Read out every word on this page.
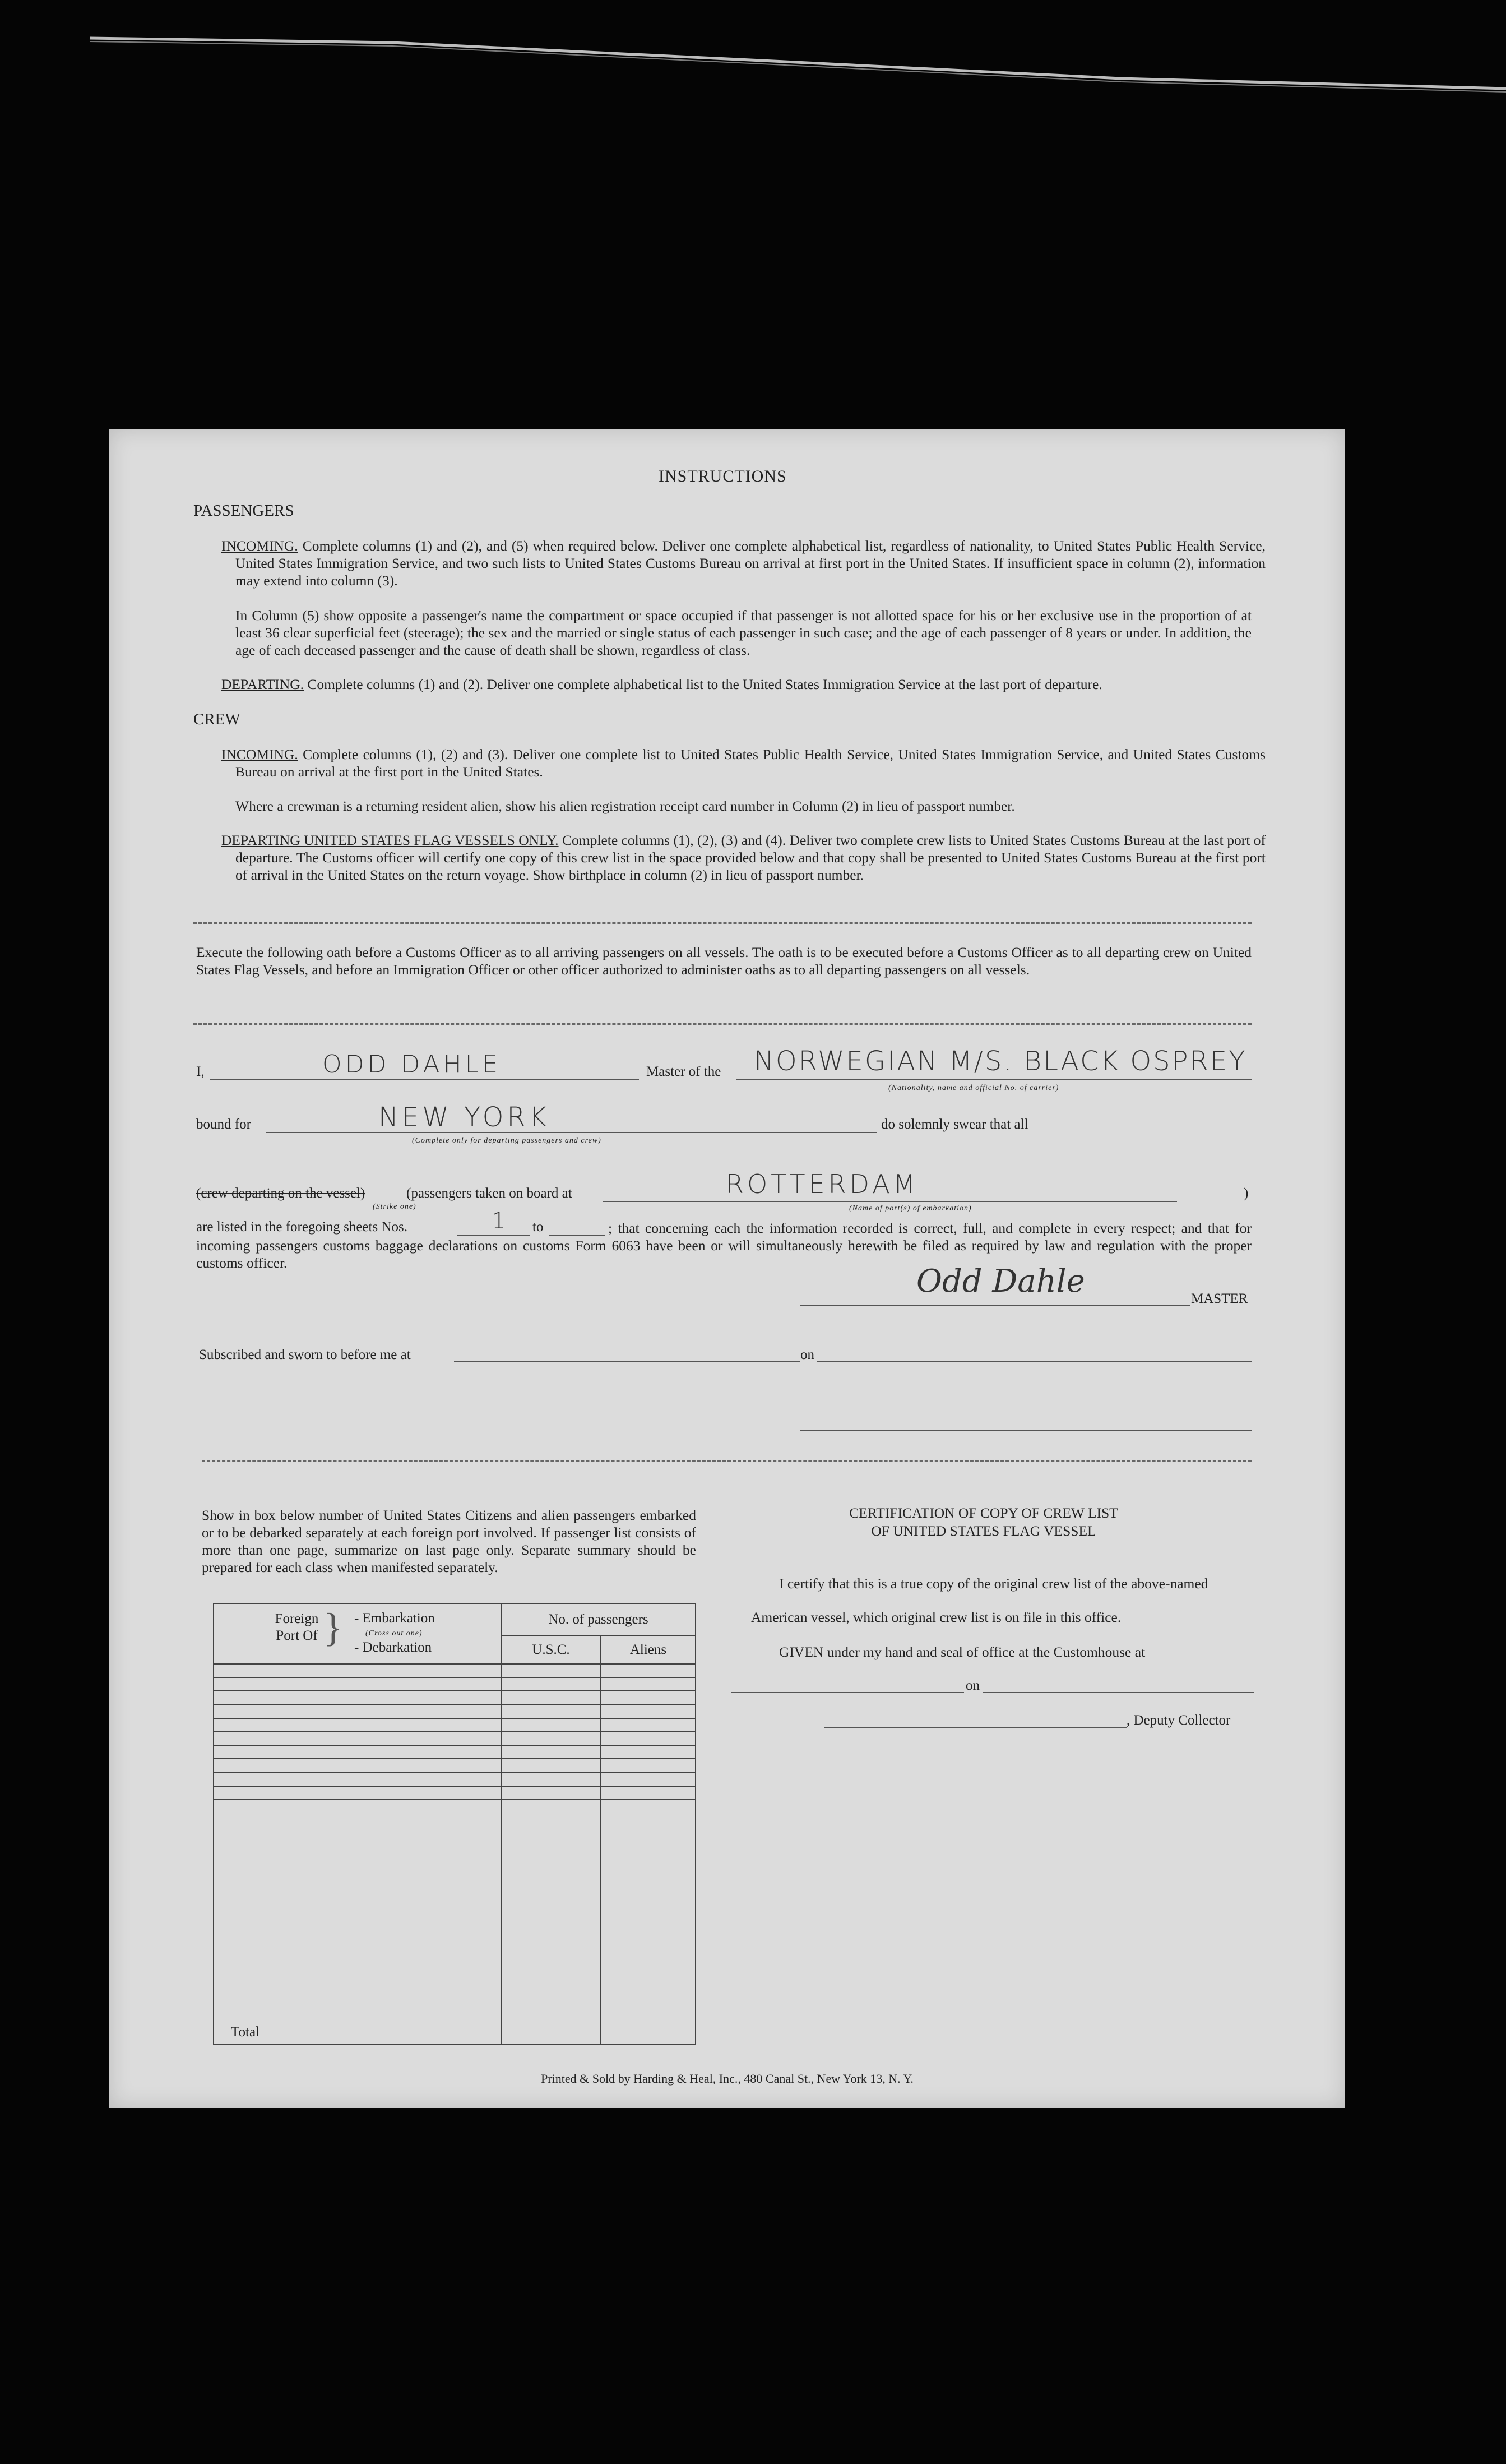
INSTRUCTIONS
PASSENGERS
INCOMING. Complete columns (1) and (2), and (5) when required below. Deliver one complete alphabetical list, regardless of nationality, to United States Public Health Service, United States Immigration Service, and two such lists to United States Customs Bureau on arrival at first port in the United States. If insufficient space in column (2), information may extend into column (3).
In Column (5) show opposite a passenger's name the compartment or space occupied if that passenger is not allotted space for his or her exclusive use in the proportion of at least 36 clear superficial feet (steerage); the sex and the married or single status of each passenger in such case; and the age of each passenger of 8 years or under. In addition, the age of each deceased passenger and the cause of death shall be shown, regardless of class.
DEPARTING. Complete columns (1) and (2). Deliver one complete alphabetical list to the United States Immigration Service at the last port of departure.
CREW
INCOMING. Complete columns (1), (2) and (3). Deliver one complete list to United States Public Health Service, United States Immigration Service, and United States Customs Bureau on arrival at the first port in the United States.
Where a crewman is a returning resident alien, show his alien registration receipt card number in Column (2) in lieu of passport number.
DEPARTING UNITED STATES FLAG VESSELS ONLY. Complete columns (1), (2), (3) and (4). Deliver two complete crew lists to United States Customs Bureau at the last port of departure. The Customs officer will certify one copy of this crew list in the space provided below and that copy shall be presented to United States Customs Bureau at the first port of arrival in the United States on the return voyage. Show birthplace in column (2) in lieu of passport number.
Execute the following oath before a Customs Officer as to all arriving passengers on all vessels. The oath is to be executed before a Customs Officer as to all departing crew on United States Flag Vessels, and before an Immigration Officer or other officer authorized to administer oaths as to all departing passengers on all vessels.
I,	ODD DAHLE	Master of the NORWEGIAN M/S. BLACK OSPREY
(Nationality, name and official No. of carrier)
bound for	NEW YORK
(Complete only for departing passengers and crew)
do solemnly swear that all
(crew departing on the vessel)	(passengers taken on board at
(Strike one)
ROTTERDAM
(Name of port(s) of embarkation)
)
are listed in the foregoing sheets Nos.	1 to	; that concerning each the information recorded is correct, full, and complete in every respect; and that for incoming passengers customs baggage declarations on customs Form 6063 have been or will simultaneously herewith be filed as required by law and regulation with the proper customs officer.
Odd Dahle	MASTER
Subscribed and sworn to before me at	on
Show in box below number of United States Citizens and alien passengers embarked or to be debarked separately at each foreign port involved. If passenger list consists of more than one page, summarize on last page only. Separate summary should be prepared for each class when manifested separately.
Foreign Port Of } - Embarkation
(Cross out one)
- Debarkation	No. of passengers	
	U.S.C.	Aliens

Total		
CERTIFICATION OF COPY OF CREW LIST
OF UNITED STATES FLAG VESSEL
I certify that this is a true copy of the original crew list of the above-named
American vessel, which original crew list is on file in this office.
GIVEN under my hand and seal of office at the Customhouse at
on
, Deputy Collector
Printed & Sold by Harding & Heal, Inc., 480 Canal St., New York 13, N. Y.
